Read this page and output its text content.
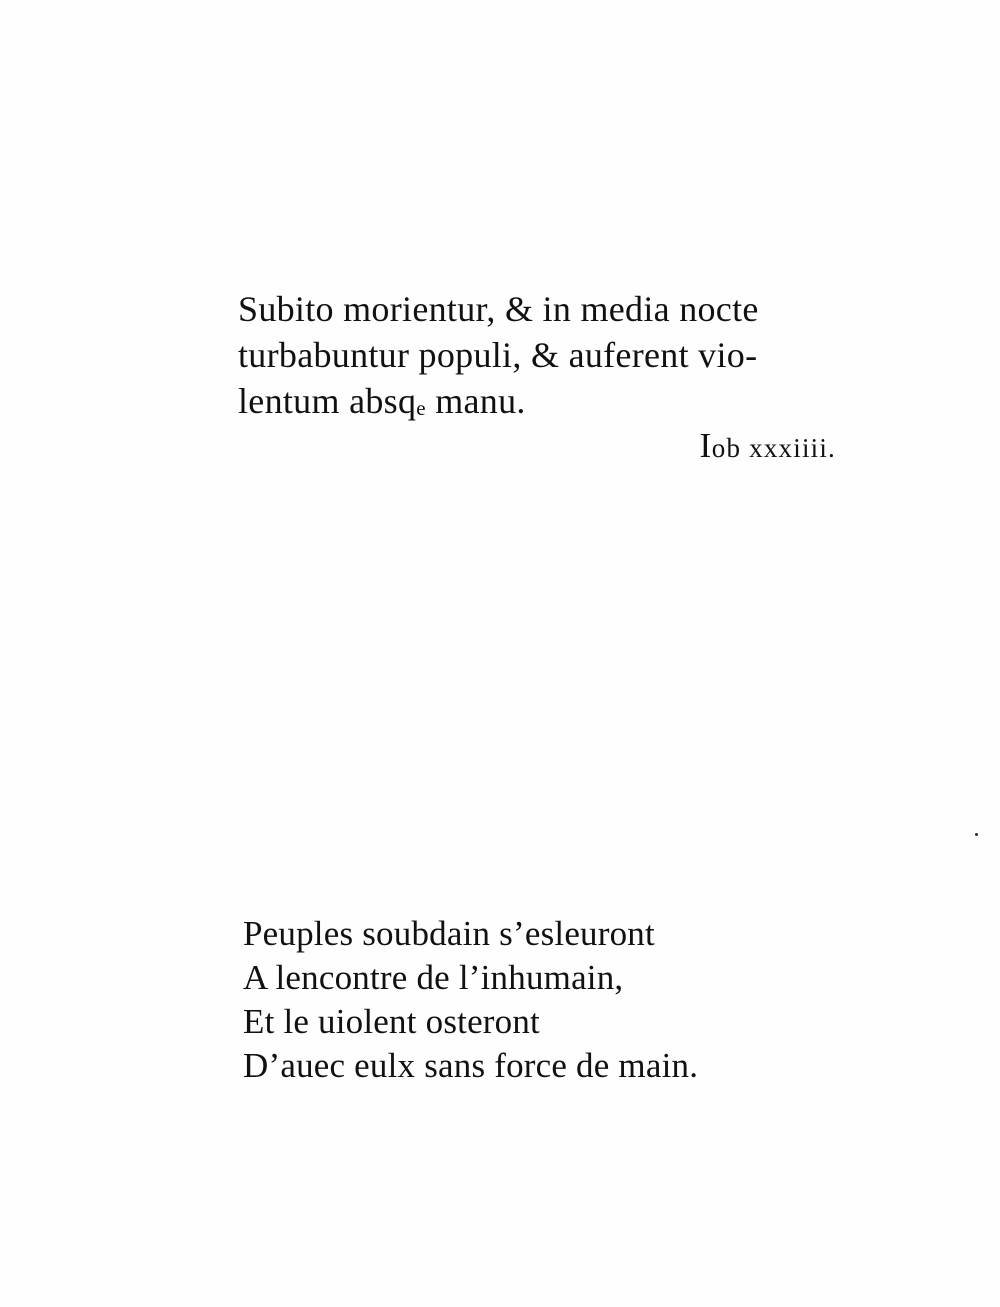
Subito morientur, & in media nocte
turbabuntur populi, & auferent vio-
lentum absqe manu.
Iob xxxiiii.
Peuples soubdain s’esleuront
A lencontre de l’inhumain,
Et le uiolent osteront
D’auec eulx sans force de main.
